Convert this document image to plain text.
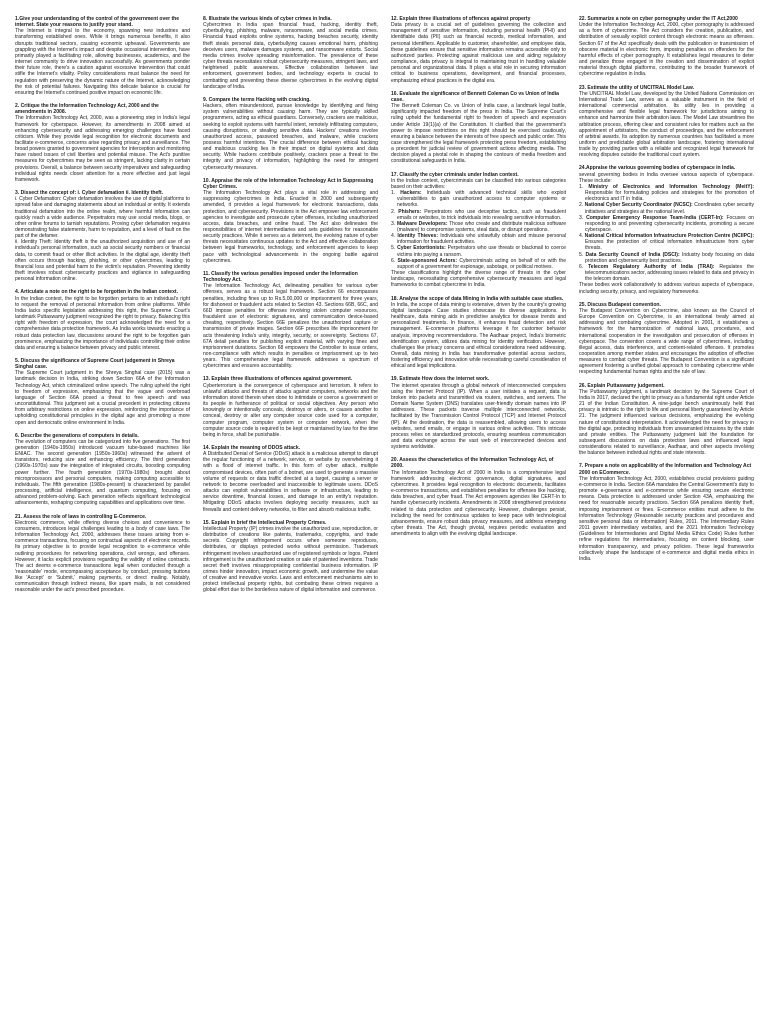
1.Give your understanding of the control of the government over the internet. State your reasons to justify your stand.

The Internet is integral to the economy, spawning new industries and transforming established ones. While it brings numerous benefits, it also disrupts traditional sectors, causing economic upheaval. Governments are grappling with the Internet's impact and despite occasional intervention, have primarily played a facilitating role, allowing businesses, academics, and the internet community to drive innovation successfully. As governments ponder their future role, there's a caution against excessive intervention that could stifle the Internet's vitality. Policy considerations must balance the need for regulation with preserving the dynamic nature of the Internet, acknowledging the risk of potential failures. Navigating this delicate balance is crucial for ensuring the Internet's continued positive impact on economic life.

2. Critique the the Information Technology Act, 2000 and the amendments in 2008.

The Information Technology Act, 2000, was a pioneering step in India's legal framework for cyberspace. However, its amendments in 2008 aimed at enhancing cybersecurity and addressing emerging challenges have faced criticism. While they provide legal recognition for electronic documents and facilitate e-commerce, concerns arise regarding privacy and surveillance. The broad powers granted to government agencies for interception and monitoring have raised issues of civil liberties and potential misuse. The Act's punitive measures for cybercrimes may be seen as stringent, lacking clarity in certain provisions. Overall, a balance between security imperatives and safeguarding individual rights needs closer attention for a more effective and just legal framework.

3. Dissect the concept of: i. Cyber defamation ii. Identity theft.

i. Cyber Defamation: Cyber defamation involves the use of digital platforms to spread false and damaging statements about an individual or entity. It extends traditional defamation into the online realm, where harmful information can quickly reach a wide audience. Perpetrators may use social media, blogs, or other online forums to tarnish reputations. Proving cyber defamation requires demonstrating false statements, harm to reputation, and a level of fault on the part of the defamer.

ii. Identity Theft: Identity theft is the unauthorized acquisition and use of an individual's personal information, such as social security numbers or financial data, to commit fraud or other illicit activities. In the digital age, identity theft often occurs through hacking, phishing, or other cybercrimes, leading to financial loss and potential harm to the victim's reputation. Preventing identity theft involves robust cybersecurity practices and vigilance in safeguarding personal information online.

4. Articulate a note on the right to be forgotten in the Indian context.

In the Indian context, the right to be forgotten pertains to an individual's right to request the removal of personal information from online platforms. While India lacks specific legislation addressing this right, the Supreme Court's landmark Puttaswamy judgment recognized the right to privacy. Balancing this right with freedom of expression, the court acknowledged the need for a comprehensive data protection framework. As India works towards enacting a robust data protection law, discussions around the right to be forgotten gain prominence, emphasizing the importance of individuals controlling their online data and ensuring a balance between privacy and public interest.

5. Discuss the significance of Supreme Court judgement in Shreya Singhal case.

The Supreme Court judgment in the Shreya Singhal case (2015) was a landmark decision in India, striking down Section 66A of the Information Technology Act, which criminalized online speech. The ruling upheld the right to freedom of expression, emphasizing that the vague and overbroad language of Section 66A posed a threat to free speech and was unconstitutional. This judgment set a crucial precedent in protecting citizens from arbitrary restrictions on online expression, reinforcing the importance of upholding constitutional principles in the digital age and promoting a more open and democratic online environment in India.

6. Describe the generations of computers in details.

The evolution of computers can be categorized into five generations. The first generation (1940s-1950s) introduced vacuum tube-based machines like ENIAC. The second generation (1950s-1960s) witnessed the advent of transistors, reducing size and enhancing efficiency. The third generation (1960s-1970s) saw the integration of integrated circuits, boosting computing power further. The fourth generation (1970s-1980s) brought about microprocessors and personal computers, making computing accessible to individuals. The fifth generation (1980s-present) is characterized by parallel processing, artificial intelligence, and quantum computing, focusing on advanced problem-solving. Each generation reflects significant technological advancements, reshaping computing capabilities and applications over time.

21. Assess the role of laws in controlling E-Commerce.

Electronic commerce, while offering diverse choices and convenience to consumers, introduces legal challenges leading to a body of case laws. The Information Technology Act, 2000, addresses these issues arising from e-commerce transactions, focusing on contractual aspects of electronic records. Its primary objective is to provide legal recognition to e-commerce while outlining procedures for networking operations, civil wrongs, and offenses. However, it lacks explicit provisions regarding the validity of online contracts. The act deems e-commerce transactions legal when conducted through a 'reasonable' mode, encompassing acceptance by conduct, pressing buttons like 'Accept' or 'Submit,' making payments, or direct mailing. Notably, communication through indirect means, like spam mails, is not considered reasonable under the act's prescribed procedure.

8. Illustrate the various kinds of cyber crimes in India.

Cybercrimes in India span financial fraud, hacking, identity theft, cyberbullying, phishing, malware, ransomware, and social media crimes. Financial fraud exploits online systems, hacking breaches security, identity theft steals personal data, cyberbullying causes emotional harm, phishing deceives users, malware damages systems, and ransomware extorts. Social media crimes involve spreading misinformation. The prevalence of these cyber threats necessitates robust cybersecurity measures, stringent laws, and heightened public awareness. Effective collaboration between law enforcement, government bodies, and technology experts is crucial to combatting and preventing these diverse cybercrimes in the evolving digital landscape of India.

9. Compare the terms Hacking with cracking.

Hackers, often misunderstood, pursue knowledge by identifying and fixing system vulnerabilities without causing harm. They are typically skilled programmers, acting as ethical guardians. Conversely, crackers are malicious, seeking to exploit systems with harmful intent, remotely infiltrating computers, causing disruptions, or stealing sensitive data. Hackers' creations involve unauthorized access, password breaches, and malware, while crackers possess harmful intentions. The crucial difference between ethical hacking and malicious cracking lies in their impact on digital systems and data security. While hackers contribute positively, crackers pose a threat to the integrity and privacy of information, highlighting the need for stringent cybersecurity measures.

10. Appraise the role of the Information Technology Act in Suppressing Cyber Crimes.

The Information Technology Act plays a vital role in addressing and suppressing cybercrimes in India. Enacted in 2000 and subsequently amended, it provides a legal framework for electronic transactions, data protection, and cybersecurity. Provisions in the Act empower law enforcement agencies to investigate and prosecute cyber offenses, including unauthorized access, data breaches, and online fraud. The Act also delineates the responsibilities of internet intermediaries and sets guidelines for reasonable security practices. While it serves as a deterrent, the evolving nature of cyber threats necessitates continuous updates to the Act and effective collaboration between legal frameworks, technology, and enforcement agencies to keep pace with technological advancements in the ongoing battle against cybercrimes.

11. Classify the various penalties imposed under the Information Technology Act.

The Information Technology Act, delineating penalties for various cyber offenses, serves as a robust legal framework. Section 66 encompasses penalties, including fines up to Rs.5,00,000 or imprisonment for three years, for dishonest or fraudulent acts related to Section 43. Sections 66B, 66C, and 66D impose penalties for offenses involving stolen computer resources, fraudulent use of electronic signatures, and communication device-based cheating, respectively. Section 66E penalizes the unauthorized capture or transmission of private images. Section 66F prescribes life imprisonment for acts threatening India's unity, integrity, security, or sovereignty. Sections 67, 67A detail penalties for publishing explicit material, with varying fines and imprisonment durations. Section 68 empowers the Controller to issue orders, non-compliance with which results in penalties or imprisonment up to two years. This comprehensive legal framework addresses a spectrum of cybercrimes and ensures accountability.

13. Explain three illustrations of offences against government.

Cyberterrorism is the convergence of cyberspace and terrorism. It refers to unlawful attacks and threats of attacks against computers, networks and the information stored therein when done to intimidate or coerce a government or its people in furtherance of political or social objectives. Any person who knowingly or intentionally conceals, destroys or alters, or causes another to conceal, destroy or alter any computer source code used for a computer, computer program, computer system or computer network, when the computer source code is required to be kept or maintained by law for the time being in force, shall be punishable.

14. Explain the meaning of DDOS attack.

A Distributed Denial of Service (DDoS) attack is a malicious attempt to disrupt the regular functioning of a network, service, or website by overwhelming it with a flood of internet traffic. In this form of cyber attack, multiple compromised devices, often part of a botnet, are used to generate a massive volume of requests or data traffic directed at a target, causing a server or network to become overloaded and inaccessible to legitimate users. DDoS attacks can exploit vulnerabilities in software or infrastructure, leading to service downtime, financial losses, and damage to an entity's reputation. Mitigating DDoS attacks involves deploying security measures, such as firewalls and content delivery networks, to filter and absorb malicious traffic.

15. Explain in brief the Intellectual Property Crimes.

Intellectual Property (IP) crimes involve the unauthorized use, reproduction, or distribution of creations like patents, trademarks, copyrights, and trade secrets. Copyright infringement occurs when someone reproduces, distributes, or displays protected works without permission. Trademark infringement involves unauthorized use of registered symbols or logos. Patent infringement is the unauthorized creation or sale of patented inventions. Trade secret theft involves misappropriating confidential business information. IP crimes hinder innovation, impact economic growth, and undermine the value of creative and innovative works. Laws and enforcement mechanisms aim to protect intellectual property rights, but combating these crimes requires a global effort due to the borderless nature of digital information and commerce.

12. Explain three illustrations of offences against property

Data privacy is a crucial set of guidelines governing the collection and management of sensitive information, including personal health (PHI) and identifiable data (PII) such as financial records, medical information, and personal identifiers. Applicable to customer, shareholder, and employee data, these guidelines ensure that sensitive information remains accessible only to authorized parties. Protecting against malicious use and aiding regulatory compliance, data privacy is integral to maintaining trust in handling valuable personal and organizational data. It plays a vital role in securing information critical to business operations, development, and financial processes, emphasizing ethical practices in the digital era.

16. Evaluate the significance of Bennett Coleman Co vs Union of India case.

The Bennett Coleman Co. vs Union of India case, a landmark legal battle, significantly impacted freedom of the press in India. The Supreme Court's ruling upheld the fundamental right to freedom of speech and expression under Article 19(1)(a) of the Constitution. It clarified that the government's power to impose restrictions on this right should be exercised cautiously, ensuring a balance between the interests of free speech and public order. This case strengthened the legal framework protecting press freedom, establishing a precedent for judicial review of government actions affecting media. The decision played a pivotal role in shaping the contours of media freedom and constitutional safeguards in India.

17. Classify the cyber criminals under Indian context.

In the Indian context, cybercriminals can be classified into various categories based on their activities:

1. Hackers: Individuals with advanced technical skills who exploit vulnerabilities to gain unauthorized access to computer systems or networks.
2. Phishers: Perpetrators who use deceptive tactics, such as fraudulent emails or websites, to trick individuals into revealing sensitive information.
3. Malware Developers: Those who create and distribute malicious software (malware) to compromise systems, steal data, or disrupt operations.
4. Identity Thieves: Individuals who unlawfully obtain and misuse personal information for fraudulent activities.
5. Cyber Extortionists: Perpetrators who use threats or blackmail to coerce victims into paying a ransom.
6. State-sponsored Actors: Cybercriminals acting on behalf of or with the support of a government for espionage, sabotage, or political motives.

These classifications highlight the diverse range of threats in the cyber landscape, necessitating comprehensive cybersecurity measures and legal frameworks to combat cybercrime in India.

18. Analyse the scope of data Mining in India with suitable case studies.

In India, the scope of data mining is extensive, driven by the country's growing digital landscape. Case studies showcase its diverse applications. In healthcare, data mining aids in predictive analytics for disease trends and personalized treatments. In finance, it enhances fraud detection and risk management. E-commerce platforms leverage it for customer behavior analysis, improving recommendations. The Aadhaar project, India's biometric identification system, utilizes data mining for identity verification. However, challenges like privacy concerns and ethical considerations need addressing. Overall, data mining in India has transformative potential across sectors, fostering efficiency and innovation while necessitating careful consideration of ethical and legal implications.

19. Estimate How does the internet work.

The internet operates through a global network of interconnected computers using the Internet Protocol (IP). When a user initiates a request, data is broken into packets and transmitted via routers, switches, and servers. The Domain Name System (DNS) translates user-friendly domain names into IP addresses. These packets traverse multiple interconnected networks, facilitated by the Transmission Control Protocol (TCP) and Internet Protocol (IP). At the destination, the data is reassembled, allowing users to access websites, send emails, or engage in various online activities. This intricate process relies on standardized protocols, ensuring seamless communication and data exchange across the vast web of interconnected devices and systems worldwide.

20. Assess the characteristics of the Information Technology Act, of 2000.

The Information Technology Act of 2000 in India is a comprehensive legal framework addressing electronic governance, digital signatures, and cybercrimes. It provides legal recognition to electronic documents, facilitates e-commerce transactions, and establishes penalties for offenses like hacking, data breaches, and cyber fraud. The Act empowers agencies like CERT-In to handle cybersecurity incidents. Amendments in 2008 strengthened provisions related to data protection and cybersecurity. However, challenges persist, including the need for continuous updates to keep pace with technological advancements, ensure robust data privacy measures, and address emerging cyber threats. The Act, though pivotal, requires periodic evaluation and amendments to align with the evolving digital landscape.

22. Summarize a note on cyber pornography under the IT Act,2000

Under the Information Technology Act, 2000, cyber pornography is addressed as a form of cybercrime. The Act considers the creation, publication, and distribution of sexually explicit content through electronic means as offenses. Section 67 of the Act specifically deals with the publication or transmission of obscene material in electronic form, imposing penalties on offenders for the harmful effects of cyber pornography. It establishes legal measures to deter and penalize those engaged in the creation and dissemination of explicit material through digital platforms, contributing to the broader framework of cybercrime regulation in India.

23. Estimate the utility of UNCITRAL Model Law.

The UNCITRAL Model Law, developed by the United Nations Commission on International Trade Law, serves as a valuable instrument in the field of international commercial arbitration. Its utility lies in providing a comprehensive and flexible legal framework for jurisdictions aiming to enhance and harmonize their arbitration laws. The Model Law streamlines the arbitration process, offering clear and consistent rules for matters such as the appointment of arbitrators, the conduct of proceedings, and the enforcement of arbitral awards. Its adoption by numerous countries has facilitated a more uniform and predictable global arbitration landscape, fostering international trade by providing parties with a reliable and recognized legal framework for resolving disputes outside the traditional court system.

24.Appraise the various governing bodies of cyberspace in India.

several governing bodies in India oversee various aspects of cyberspace. These include:

1. Ministry of Electronics and Information Technology (MeitY): Responsible for formulating policies and strategies for the promotion of electronics and IT in India.
2. National Cyber Security Coordinator (NCSC): Coordinates cyber security initiatives and strategies at the national level.
3. Computer Emergency Response Team-India (CERT-In): Focuses on responding to and preventing cybersecurity incidents, promoting a secure cyberspace.
4. National Critical Information Infrastructure Protection Centre (NCIIPC): Ensures the protection of critical information infrastructure from cyber threats.
5. Data Security Council of India (DSCI): Industry body focusing on data protection and cybersecurity best practices.
6. Telecom Regulatory Authority of India (TRAI): Regulates the telecommunications sector, addressing issues related to data and privacy in the telecom domain.

These bodies work collaboratively to address various aspects of cyberspace, including security, privacy, and regulatory frameworks.

25. Discuss Budapest convention.

The Budapest Convention on Cybercrime, also known as the Council of Europe Convention on Cybercrime, is an international treaty aimed at addressing and combating cybercrime. Adopted in 2001, it establishes a framework for the harmonization of national laws, procedures, and international cooperation in the investigation and prosecution of offenses in cyberspace. The convention covers a wide range of cybercrimes, including illegal access, data interference, and content-related offenses. It promotes cooperation among member states and encourages the adoption of effective measures to combat cyber threats. The Budapest Convention is a significant agreement fostering a unified global approach to combating cybercrime while respecting fundamental human rights and the rule of law.

26. Explain Puttaswamy judgement.

The Puttaswamy judgment, a landmark decision by the Supreme Court of India in 2017, declared the right to privacy as a fundamental right under Article 21 of the Indian Constitution. A nine-judge bench unanimously held that privacy is intrinsic to the right to life and personal liberty guaranteed by Article 21. The judgment influenced various decisions, emphasizing the evolving nature of constitutional interpretation. It acknowledged the need for privacy in the digital age, protecting individuals from unwarranted intrusions by the state and private entities. The Puttaswamy judgment laid the foundation for subsequent discussions on data protection laws and influenced legal considerations related to surveillance, Aadhaar, and other aspects involving the balance between individual rights and state interests.

7. Prepare a note on applicability of the Information and Technology Act 2000 on ECommerce.

The Information Technology Act, 2000, establishes crucial provisions guiding e-commerce in India. Section 66A mandates the Central Government's duty to promote e-governance and e-commerce while ensuring secure electronic means. Data protection is addressed under Section 43A, emphasizing the need for reasonable security practices. Section 66A penalizes identity theft, imposing imprisonment or fines. E-commerce entities must adhere to the Information Technology (Reasonable security practices and procedures and sensitive personal data or information) Rules, 2011. The Intermediary Rules 2011 govern intermediary websites, and the 2021 Information Technology (Guidelines for Intermediaries and Digital Media Ethics Code) Rules further refine regulations for intermediaries, focusing on content blocking, user information transparency, and privacy policies. These legal frameworks collectively shape the landscape of e-commerce and digital media ethics in India.
